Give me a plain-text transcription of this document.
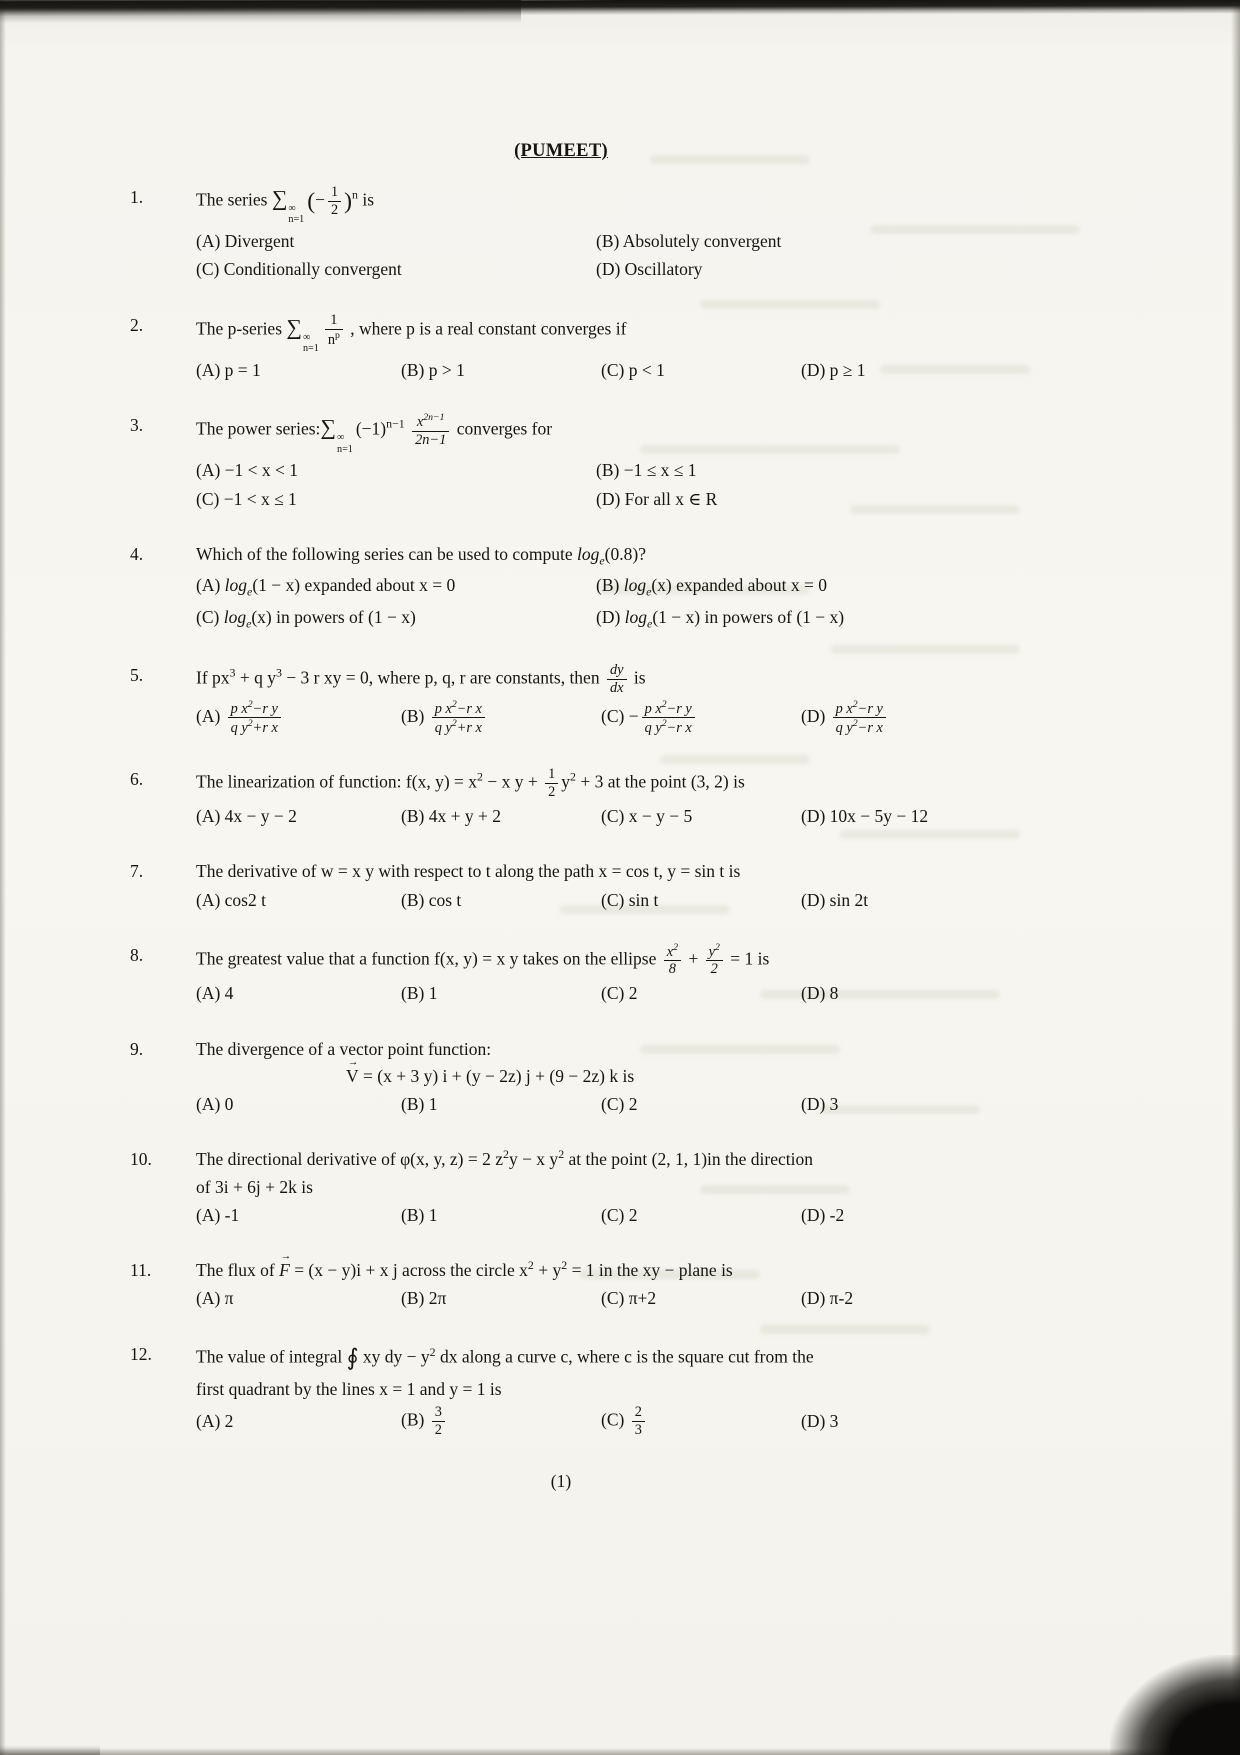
(PUMEET)
1.	The series ∑ ∞
n=1
(− $\frac{1}{2} )^n$ is
(A) Divergent	(B) Absolutely convergent
(C) Conditionally convergent	(D) Oscillatory
2.	The p-series ∑ ∞
n=1
$\frac{1}{n^p}$ , where p is a real constant converges if
(A) p = 1	(B) p > 1	(C) p < 1	(D) p ≥ 1
3.	The power series:∑ ∞
n=1
$(-1)^{n-1} \frac{x^{2n-1}}{2n-1}$ converges for
(A) −1 < x < 1	(B) −1 ≤ x ≤ 1
(C) −1 < x ≤ 1	(D) For all x ∈ R
4.	Which of the following series can be used to compute $\log_e(0.8)$?
(A) $\log_e(1 - x)$ expanded about x = 0	(B) $\log_e(x)$ expanded about x = 0
(C) $\log_e(x)$ in powers of (1 − x)	(D) $\log_e(1 - x)$ in powers of (1 − x)
5.	If $px^3 + q$ $y^3 - 3$ r xy = 0, where p, q, r are constants, then $\frac{dy}{dx}$ is
$(A) \frac{p x^2-r y}{q y^2+r x}$	$(B) \frac{p x^2-r x}{q y^2+r x}$	$(C) - \frac{p x^2-r y}{q y^2-r x}$	$(D) \frac{p x^2-r y}{q y^2-r x}$
6.	The linearization of function: f(x, $y) = x^2 - x$ $y + \frac{1}{2} y^2 + 3$ at the point (3, 2) is
(A) 4x − y − 2	(B) 4x + y + 2	(C) x − y − 5	(D) 10x − 5y − 12
7.	The derivative of w = x y with respect to t along the path x = cos t, y = sin t is
(A) cos2 t	(B) cos t	(C) sin t	(D) sin 2t
8.	The greatest value that a function f(x, y) = x y takes on the ellipse $\frac{x^2}{8} + \frac{y^2}{2} = 1$ is
(A) 4	(B) 1	(C) 2	(D) 8
9.	The divergence of a vector point function:
V → = (x + 3 y) i + (y − 2z) j + (9 − 2z) k is
(A) 0	(B) 1	(C) 2	(D) 3
10.	The directional derivative of φ(x, y, z) = 2 $z^2y - x$ $y^2$ at the point (2, 1, 1)in the direction
of 3i + 6j + 2k is
(A) -1	(B) 1	(C) 2	(D) -2
11.	The flux of F → = (x − y)i + x j across the circle $x^2 + y^2 = 1$ in the xy − plane is
(A) π	(B) 2π	(C) π+2	(D) π-2
12.	The value of integral ∮ xy dy − $y^2$ dx along a curve c, where c is the square cut from the
first quadrant by the lines x = 1 and y = 1 is
(A) 2	$(B) \frac{3}{2}$	$(C) \frac{2}{3}$	(D) 3
(1)
